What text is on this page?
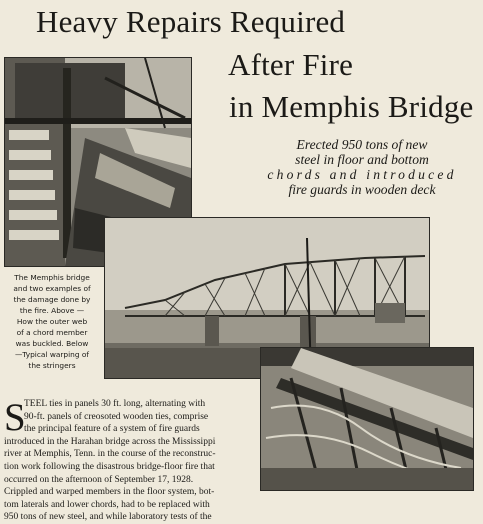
Heavy Repairs Required
After Fire
in Memphis Bridge
Erected 950 tons of new
steel in floor and bottom
chords and introduced
fire guards in wooden deck
The Memphis bridge
and two examples of
the damage done by
the fire. Above —
How the outer web
of a chord member
was buckled. Below
—Typical warping of
the stringers
S
TEEL ties in panels 30 ft. long, alternating with
90-ft. panels of creosoted wooden ties, comprise
the principal feature of a system of fire guards
introduced in the Harahan bridge across the Mississippi
river at Memphis, Tenn. in the course of the reconstruc-
tion work following the disastrous bridge-floor fire that
occurred on the afternoon of September 17, 1928.
Crippled and warped members in the floor system, bot-
tom laterals and lower chords, had to be replaced with
950 tons of new steel, and while laboratory tests of the
